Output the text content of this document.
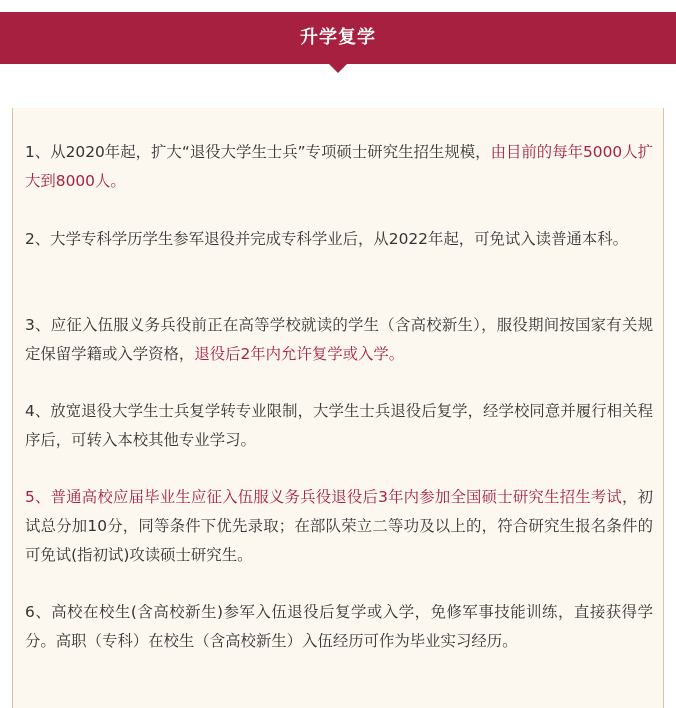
升学复学

1、从2020年起，扩大“退役大学生士兵”专项硕士研究生招生规模，由目前的每年5000人扩大到8000人。

2、大学专科学历学生参军退役并完成专科学业后，从2022年起，可免试入读普通本科。

3、应征入伍服义务兵役前正在高等学校就读的学生（含高校新生），服役期间按国家有关规定保留学籍或入学资格，退役后2年内允许复学或入学。

4、放宽退役大学生士兵复学转专业限制，大学生士兵退役后复学，经学校同意并履行相关程序后，可转入本校其他专业学习。

5、普通高校应届毕业生应征入伍服义务兵役退役后3年内参加全国硕士研究生招生考试，初试总分加10分，同等条件下优先录取；在部队荣立二等功及以上的，符合研究生报名条件的可免试(指初试)攻读硕士研究生。

6、高校在校生(含高校新生)参军入伍退役后复学或入学，免修军事技能训练，直接获得学分。高职（专科）在校生（含高校新生）入伍经历可作为毕业实习经历。
